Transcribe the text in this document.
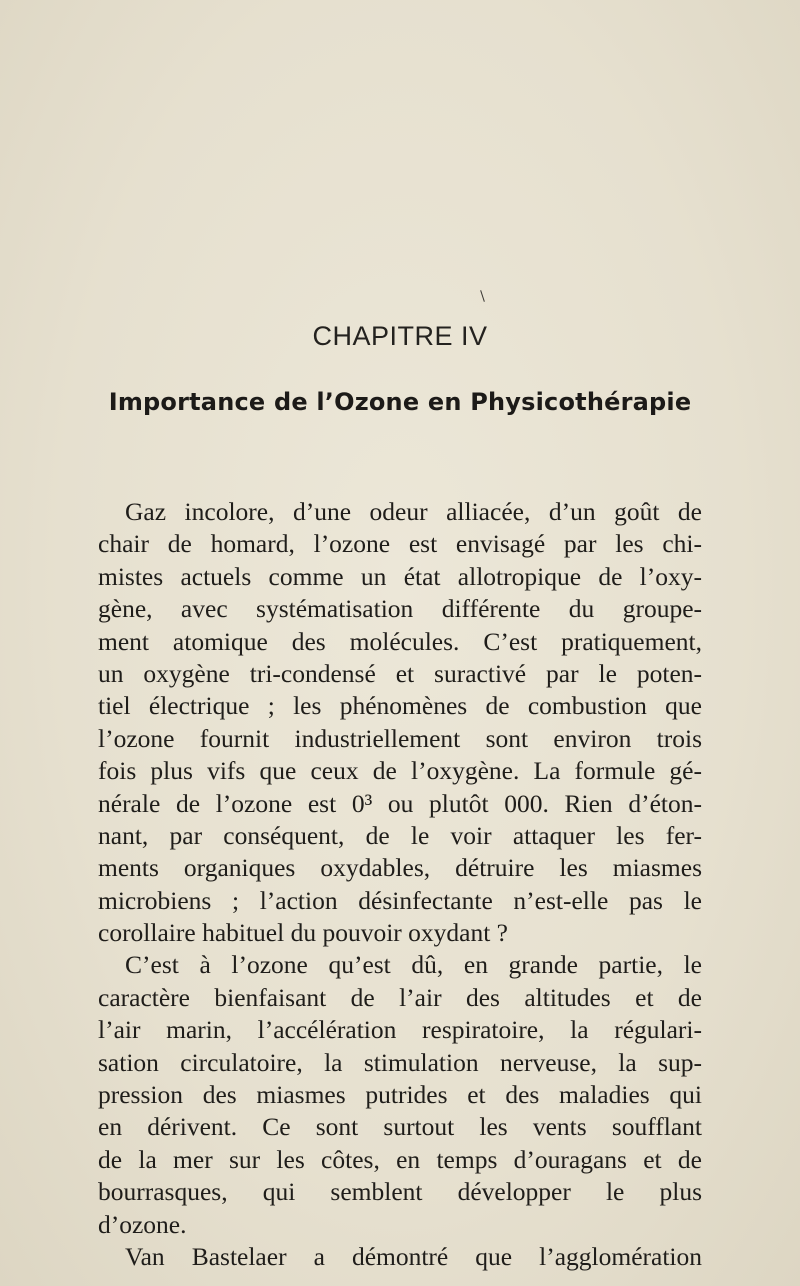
CHAPITRE IV
Importance de l’Ozone en Physicothérapie
Gaz incolore, d’une odeur alliacée, d’un goût de
chair de homard, l’ozone est envisagé par les chi-
mistes actuels comme un état allotropique de l’oxy-
gène, avec systématisation différente du groupe-
ment atomique des molécules. C’est pratiquement,
un oxygène tri-condensé et suractivé par le poten-
tiel électrique ; les phénomènes de combustion que
l’ozone fournit industriellement sont environ trois
fois plus vifs que ceux de l’oxygène. La formule gé-
nérale de l’ozone est 0³ ou plutôt 000. Rien d’éton-
nant, par conséquent, de le voir attaquer les fer-
ments organiques oxydables, détruire les miasmes
microbiens ; l’action désinfectante n’est-elle pas le
corollaire habituel du pouvoir oxydant ?
C’est à l’ozone qu’est dû, en grande partie, le
caractère bienfaisant de l’air des altitudes et de
l’air marin, l’accélération respiratoire, la régulari-
sation circulatoire, la stimulation nerveuse, la sup-
pression des miasmes putrides et des maladies qui
en dérivent. Ce sont surtout les vents soufflant
de la mer sur les côtes, en temps d’ouragans et de
bourrasques, qui semblent développer le plus
d’ozone.
Van Bastelaer a démontré que l’agglomération
